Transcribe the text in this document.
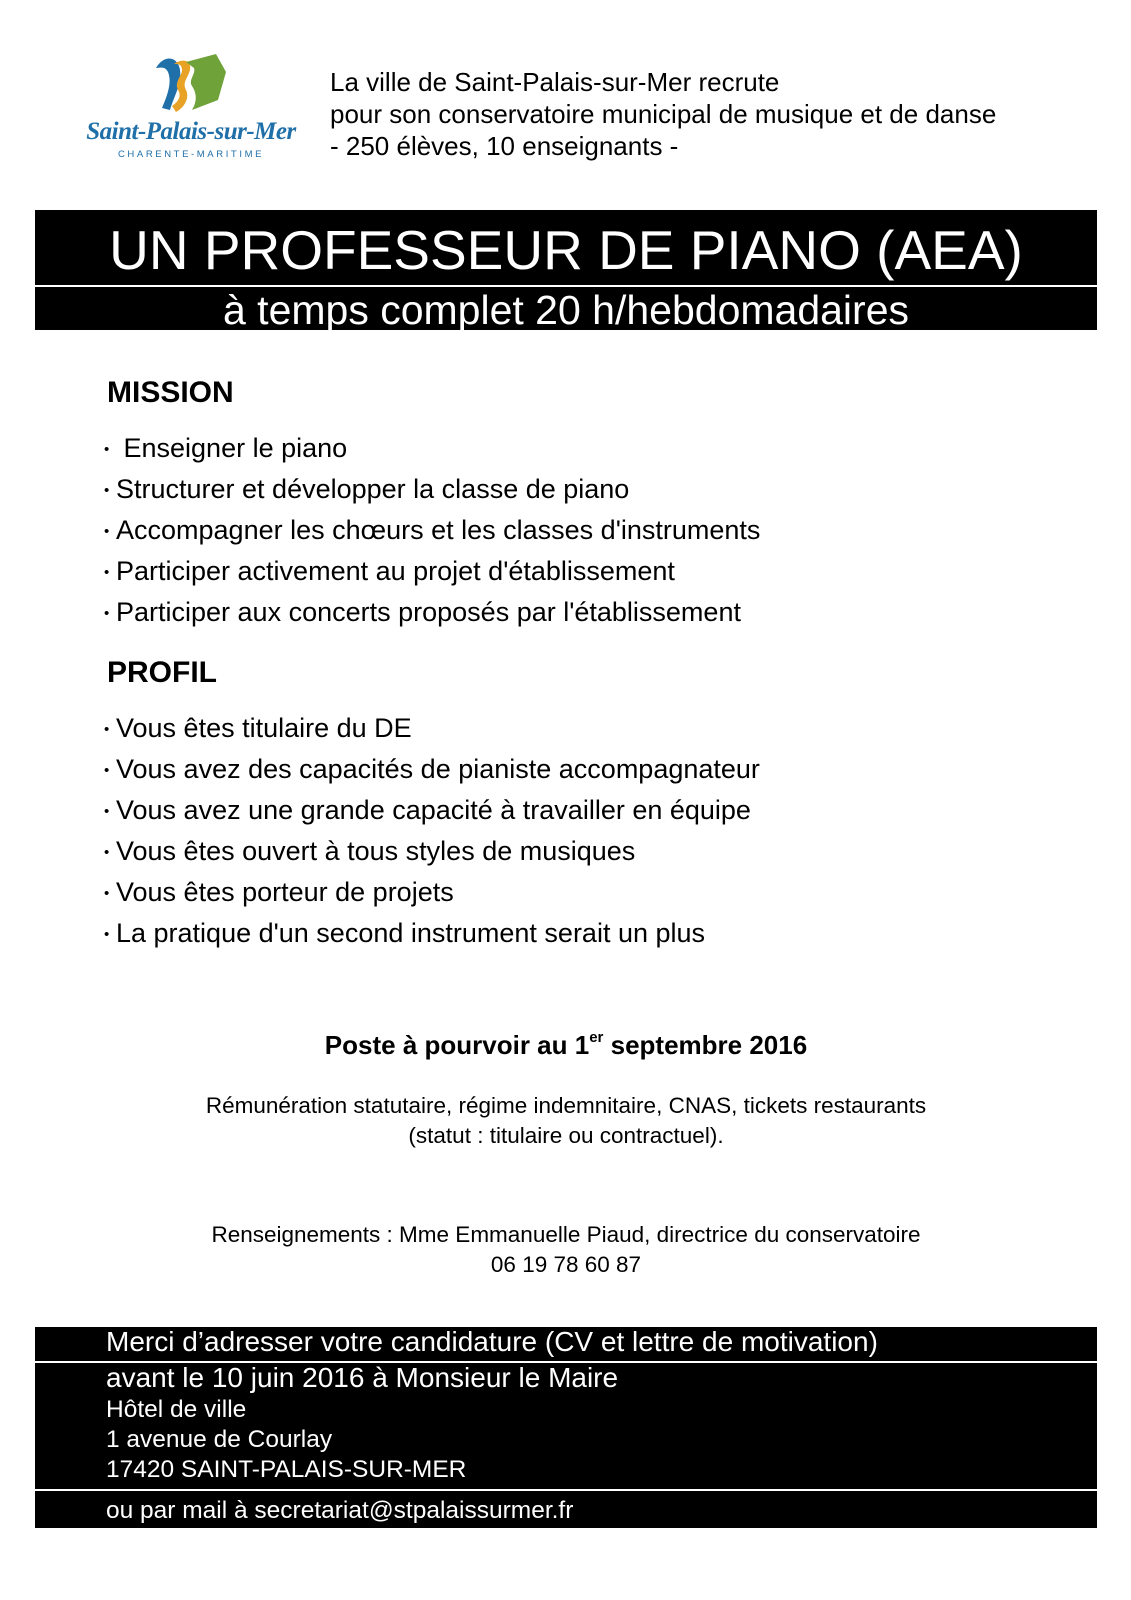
Saint-Palais-sur-Mer
CHARENTE-MARITIME
La ville de Saint-Palais-sur-Mer recrute
pour son conservatoire municipal de musique et de danse
- 250 élèves, 10 enseignants -
UN PROFESSEUR DE PIANO (AEA)
à temps complet 20 h/hebdomadaires
MISSION
• Enseigner le piano
• Structurer et développer la classe de piano
• Accompagner les chœurs et les classes d'instruments
• Participer activement au projet d'établissement
• Participer aux concerts proposés par l'établissement
PROFIL
• Vous êtes titulaire du DE
• Vous avez des capacités de pianiste accompagnateur
• Vous avez une grande capacité à travailler en équipe
• Vous êtes ouvert à tous styles de musiques
• Vous êtes porteur de projets
• La pratique d'un second instrument serait un plus
Poste à pourvoir au 1er septembre 2016
Rémunération statutaire, régime indemnitaire, CNAS, tickets restaurants
(statut : titulaire ou contractuel).
Renseignements : Mme Emmanuelle Piaud, directrice du conservatoire
06 19 78 60 87
Merci d’adresser votre candidature (CV et lettre de motivation)
avant le 10 juin 2016 à Monsieur le Maire
Hôtel de ville
1 avenue de Courlay
17420 SAINT-PALAIS-SUR-MER
ou par mail à secretariat@stpalaissurmer.fr
